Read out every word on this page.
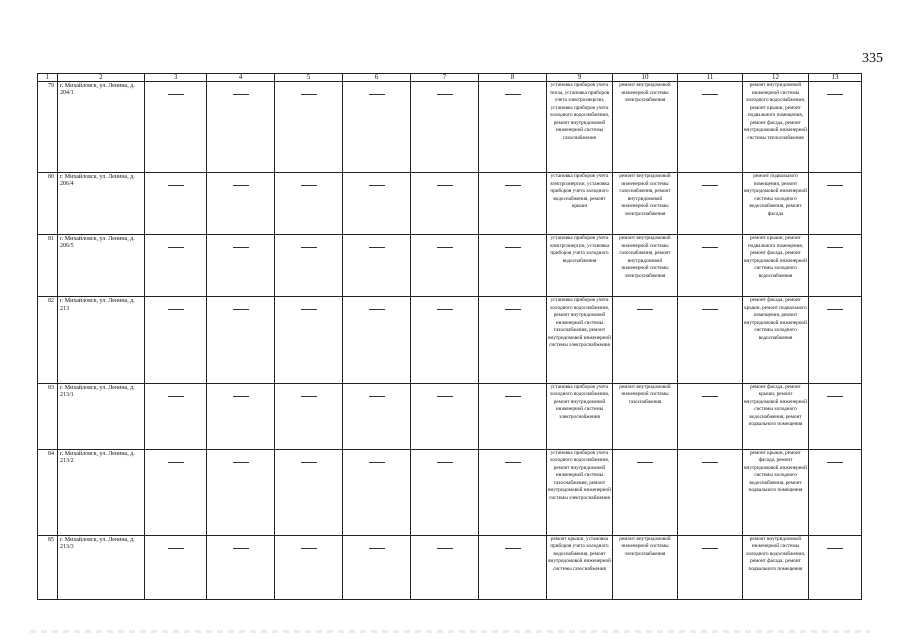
335
1	2	3	4	5	6	7	8	9	10	11	12	13
79	г. Михайловск, ул. Ленина, д. 204/1							установка приборов учета тепла, установка приборов учета электроэнергии, установка приборов учета холодного водоснабжения, ремонт внутридомовой инженерной системы газоснабжения	ремонт внутридомовой инженерной системы электроснабжения		ремонт внутридомовой инженерной системы холодного водоснабжения, ремонт крыши, ремонт подвального помещения, ремонт фасада, ремонт внутридомовой инженерной системы теплоснабжения	
80	г. Михайловск, ул. Ленина, д. 206/4							установка приборов учета электроэнергии, установка приборов учета холодного водоснабжения, ремонт крыши	ремонт внутридомовой инженерной системы газоснабжения, ремонт внутридомовой инженерной системы электроснабжения		ремонт подвального помещения, ремонт внутридомовой инженерной системы холодного водоснабжения, ремонт фасада	
81	г. Михайловск, ул. Ленина, д. 206/5							установка приборов учета электроэнергии, установка приборов учета холодного водоснабжения	ремонт внутридомовой инженерной системы газоснабжения, ремонт внутридомовой инженерной системы электроснабжения		ремонт крыши, ремонт подвального помещения, ремонт фасада, ремонт внутридомовой инженерной системы холодного водоснабжения	
82	г. Михайловск, ул. Ленина, д. 213							установка приборов учета холодного водоснабжения, ремонт внутридомовой инженерной системы газоснабжения, ремонт внутридомовой инженерной системы электроснабжения			ремонт фасада, ремонт крыши, ремонт подвального помещения, ремонт внутридомовой инженерной системы холодного водоснабжения	
83	г. Михайловск, ул. Ленина, д. 213/1							установка приборов учета холодного водоснабжения, ремонт внутридомовой инженерной системы электроснабжения	ремонт внутридомовой инженерной системы газоснабжения		ремонт фасада, ремонт крыши, ремонт внутридомовой инженерной системы холодного водоснабжения, ремонт подвального помещения	
84	г. Михайловск, ул. Ленина, д. 213/2							установка приборов учета холодного водоснабжения, ремонт внутридомовой инженерной системы газоснабжения, ремонт внутридомовой инженерной системы электроснабжения			ремонт крыши, ремонт фасада, ремонт внутридомовой инженерной системы холодного водоснабжения, ремонт подвального помещения	
85	г. Михайловск, ул. Ленина, д. 213/3							ремонт крыши, установка приборов учета холодного водоснабжения, ремонт внутридомовой инженерной системы газоснабжения	ремонт внутридомовой инженерной системы электроснабжения		ремонт внутридомовой инженерной системы холодного водоснабжения, ремонт фасада, ремонт подвального помещения	
